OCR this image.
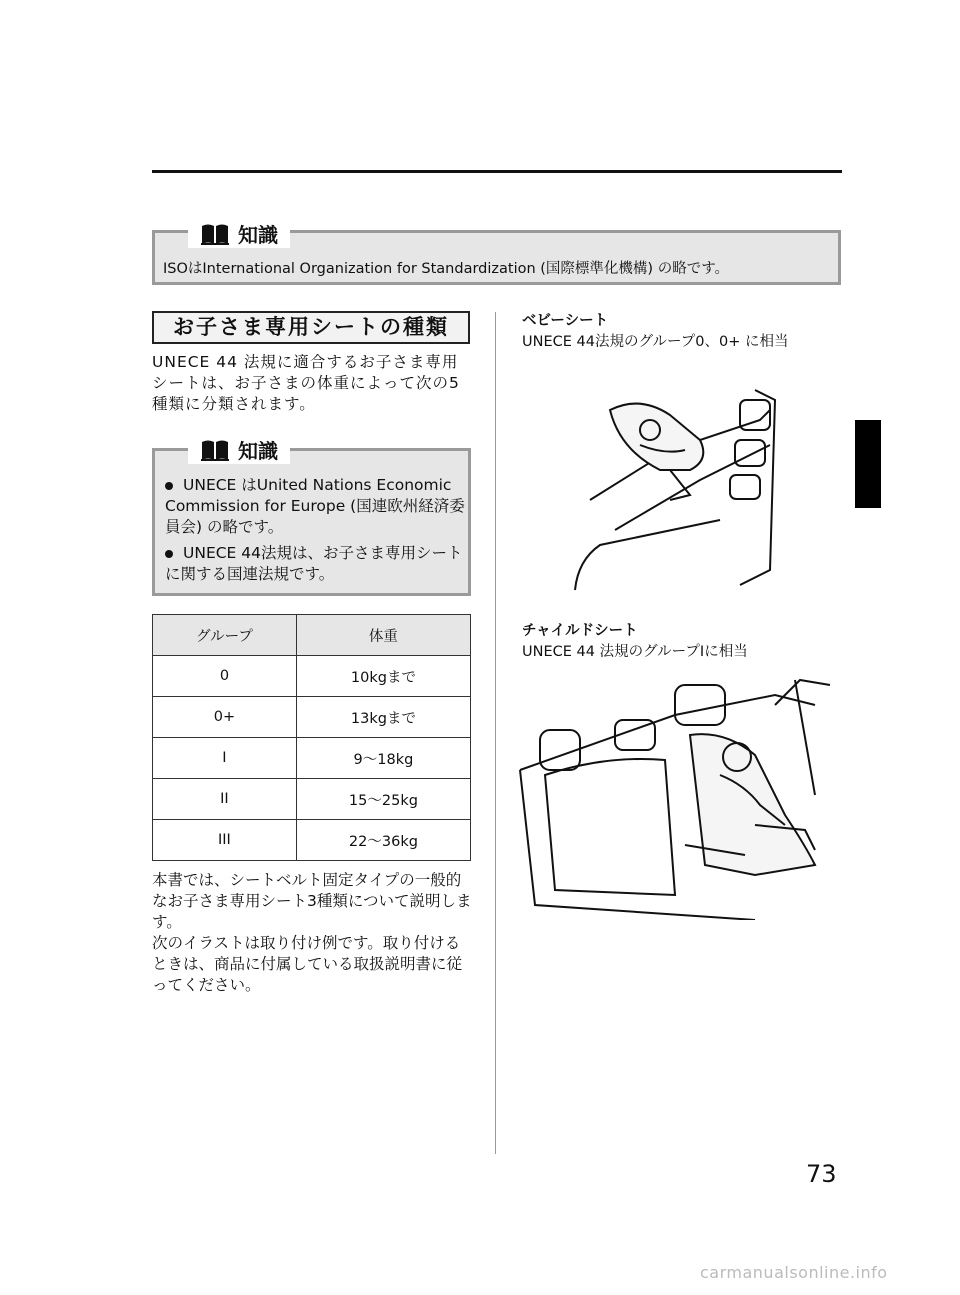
ISOはInternational Organization for Standardization (国際標準化機構) の略です。
知識
お子さま専用シートの種類
UNECE 44 法規に適合するお子さま専用シートは、お子さまの体重によって次の5種類に分類されます。
UNECE はUnited Nations Economic Commission for Europe (国連欧州経済委員会) の略です。
UNECE 44法規は、お子さま専用シートに関する国連法規です。
知識
グループ	体重
0	10kgまで
0+	13kgまで
I	9～18kg
II	15～25kg
III	22～36kg
本書では、シートベルト固定タイプの一般的なお子さま専用シート3種類について説明します。
次のイラストは取り付け例です。取り付けるときは、商品に付属している取扱説明書に従ってください。
ベビーシート
UNECE 44法規のグループ0、0+ に相当
チャイルドシート
UNECE 44 法規のグループIに相当
73
carmanualsonline.info
